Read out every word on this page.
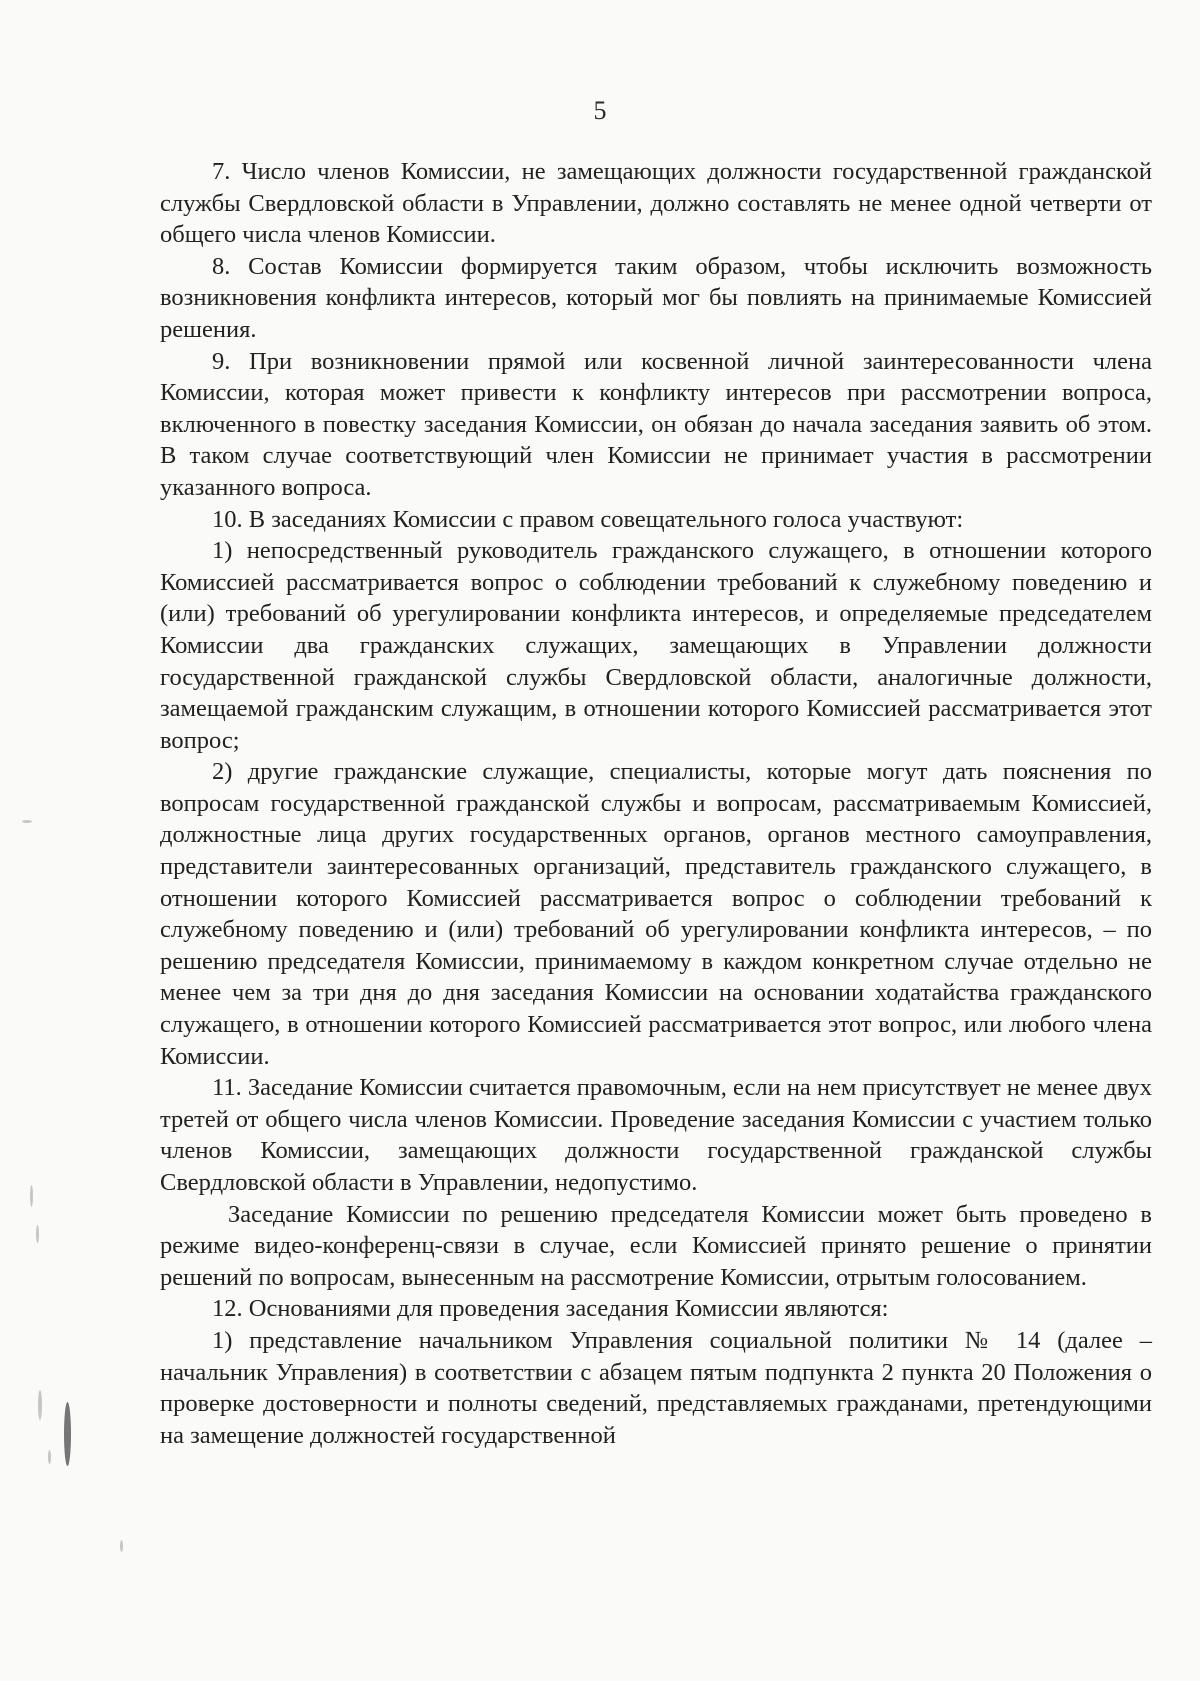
5

7. Число членов Комиссии, не замещающих должности государственной гражданской службы Свердловской области в Управлении, должно составлять не менее одной четверти от общего числа членов Комиссии.

8. Состав Комиссии формируется таким образом, чтобы исключить возможность возникновения конфликта интересов, который мог бы повлиять на принимаемые Комиссией решения.

9. При возникновении прямой или косвенной личной заинтересованности члена Комиссии, которая может привести к конфликту интересов при рассмотрении вопроса, включенного в повестку заседания Комиссии, он обязан до начала заседания заявить об этом. В таком случае соответствующий член Комиссии не принимает участия в рассмотрении указанного вопроса.

10. В заседаниях Комиссии с правом совещательного голоса участвуют:

1) непосредственный руководитель гражданского служащего, в отношении которого Комиссией рассматривается вопрос о соблюдении требований к служебному поведению и (или) требований об урегулировании конфликта интересов, и определяемые председателем Комиссии два гражданских служащих, замещающих в Управлении должности государственной гражданской службы Свердловской области, аналогичные должности, замещаемой гражданским служащим, в отношении которого Комиссией рассматривается этот вопрос;

2) другие гражданские служащие, специалисты, которые могут дать пояснения по вопросам государственной гражданской службы и вопросам, рассматриваемым Комиссией, должностные лица других государственных органов, органов местного самоуправления, представители заинтересованных организаций, представитель гражданского служащего, в отношении которого Комиссией рассматривается вопрос о соблюдении требований к служебному поведению и (или) требований об урегулировании конфликта интересов, – по решению председателя Комиссии, принимаемому в каждом конкретном случае отдельно не менее чем за три дня до дня заседания Комиссии на основании ходатайства гражданского служащего, в отношении которого Комиссией рассматривается этот вопрос, или любого члена Комиссии.

11. Заседание Комиссии считается правомочным, если на нем присутствует не менее двух третей от общего числа членов Комиссии. Проведение заседания Комиссии с участием только членов Комиссии, замещающих должности государственной гражданской службы Свердловской области в Управлении, недопустимо.

Заседание Комиссии по решению председателя Комиссии может быть проведено в режиме видео-конференц-связи в случае, если Комиссией принято решение о принятии решений по вопросам, вынесенным на рассмотрение Комиссии, отрытым голосованием.

12. Основаниями для проведения заседания Комиссии являются:

1) представление начальником Управления социальной политики № 14 (далее – начальник Управления) в соответствии с абзацем пятым подпункта 2 пункта 20 Положения о проверке достоверности и полноты сведений, представляемых гражданами, претендующими на замещение должностей государственной
